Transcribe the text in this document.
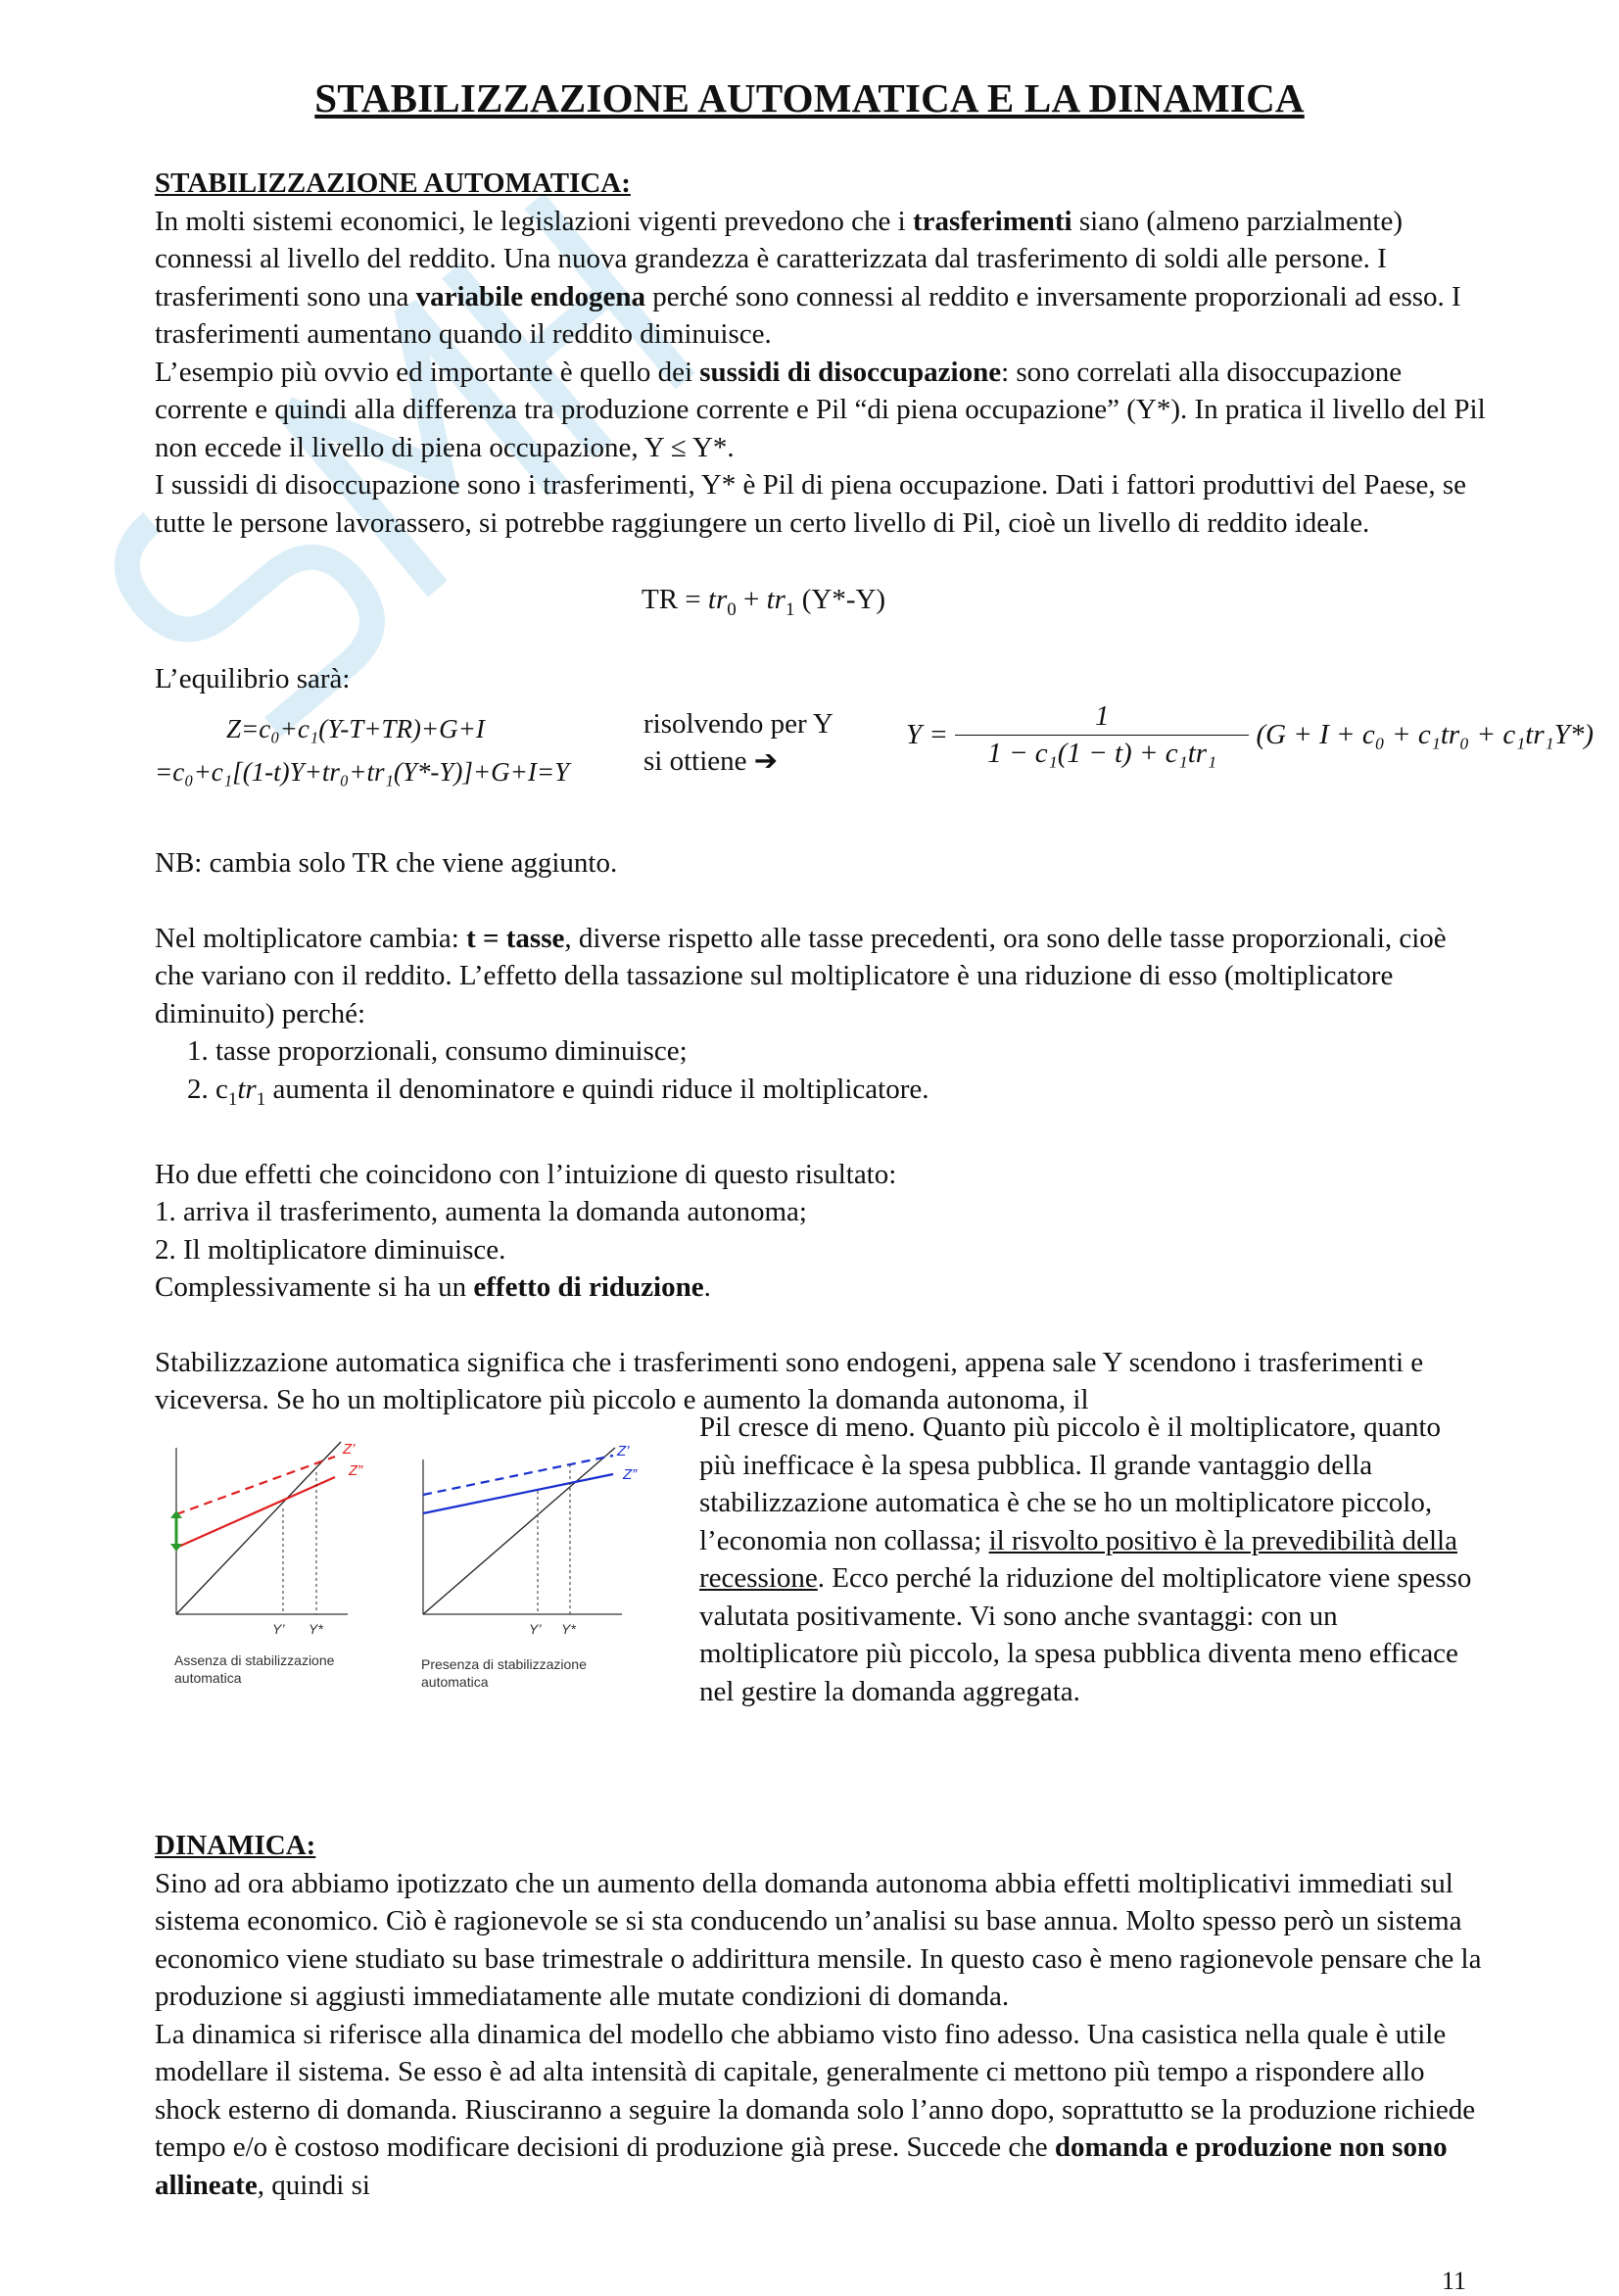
STABILIZZAZIONE AUTOMATICA E LA DINAMICA

STABILIZZAZIONE AUTOMATICA:

In molti sistemi economici, le legislazioni vigenti prevedono che i trasferimenti siano (almeno parzialmente) connessi al livello del reddito. Una nuova grandezza è caratterizzata dal trasferimento di soldi alle persone. I trasferimenti sono una variabile endogena perché sono connessi al reddito e inversamente proporzionali ad esso. I trasferimenti aumentano quando il reddito diminuisce.

L’esempio più ovvio ed importante è quello dei sussidi di disoccupazione: sono correlati alla disoccupazione corrente e quindi alla differenza tra produzione corrente e Pil “di piena occupazione” (Y*). In pratica il livello del Pil non eccede il livello di piena occupazione, Y ≤ Y*.

I sussidi di disoccupazione sono i trasferimenti, Y* è Pil di piena occupazione. Dati i fattori produttivi del Paese, se tutte le persone lavorassero, si potrebbe raggiungere un certo livello di Pil, cioè un livello di reddito ideale.

TR = $tr_0 + tr_1$ (Y*-Y)
L’equilibrio sarà:
Z=c₀+c₁(Y-T+TR)+G+I
=c₀+c₁[(1-t)Y+tr₀+tr₁(Y*-Y)]+G+I=Y
risolvendo per Y
si ottiene ➔
$Y = \frac{1}{\text{1 − c₁(1 − t) + c₁tr₁}} (G + I + c_0 + c_1tr_0 + c_1tr_1Y*)$

NB: cambia solo TR che viene aggiunto.

Nel moltiplicatore cambia: t = tasse, diverse rispetto alle tasse precedenti, ora sono delle tasse proporzionali, cioè che variano con il reddito. L’effetto della tassazione sul moltiplicatore è una riduzione di esso (moltiplicatore diminuito) perché:

1. tasse proporzionali, consumo diminuisce;
2. $c_1tr_1$ aumenta il denominatore e quindi riduce il moltiplicatore.

Ho due effetti che coincidono con l’intuizione di questo risultato:

1. arriva il trasferimento, aumenta la domanda autonoma;

2. Il moltiplicatore diminuisce.

Complessivamente si ha un effetto di riduzione.

Stabilizzazione automatica significa che i trasferimenti sono endogeni, appena sale Y scendono i trasferimenti e viceversa. Se ho un moltiplicatore più piccolo e aumento la domanda autonoma, il

Z’
Z”
Y’ Y*
Assenza di stabilizzazione
automatica
Z’
Z”
Y’ Y*
Presenza di stabilizzazione
automatica
Pil cresce di meno. Quanto più piccolo è il moltiplicatore, quanto più inefficace è la spesa pubblica. Il grande vantaggio della stabilizzazione automatica è che se ho un moltiplicatore piccolo, l’economia non collassa; il risvolto positivo è la prevedibilità della recessione. Ecco perché la riduzione del moltiplicatore viene spesso valutata positivamente. Vi sono anche svantaggi: con un moltiplicatore più piccolo, la spesa pubblica diventa meno efficace nel gestire la domanda aggregata.

DINAMICA:

Sino ad ora abbiamo ipotizzato che un aumento della domanda autonoma abbia effetti moltiplicativi immediati sul sistema economico. Ciò è ragionevole se si sta conducendo un’analisi su base annua. Molto spesso però un sistema economico viene studiato su base trimestrale o addirittura mensile. In questo caso è meno ragionevole pensare che la produzione si aggiusti immediatamente alle mutate condizioni di domanda.

La dinamica si riferisce alla dinamica del modello che abbiamo visto fino adesso. Una casistica nella quale è utile modellare il sistema. Se esso è ad alta intensità di capitale, generalmente ci mettono più tempo a rispondere allo shock esterno di domanda. Riusciranno a seguire la domanda solo l’anno dopo, soprattutto se la produzione richiede tempo e/o è costoso modificare decisioni di produzione già prese. Succede che domanda e produzione non sono allineate, quindi si

11
